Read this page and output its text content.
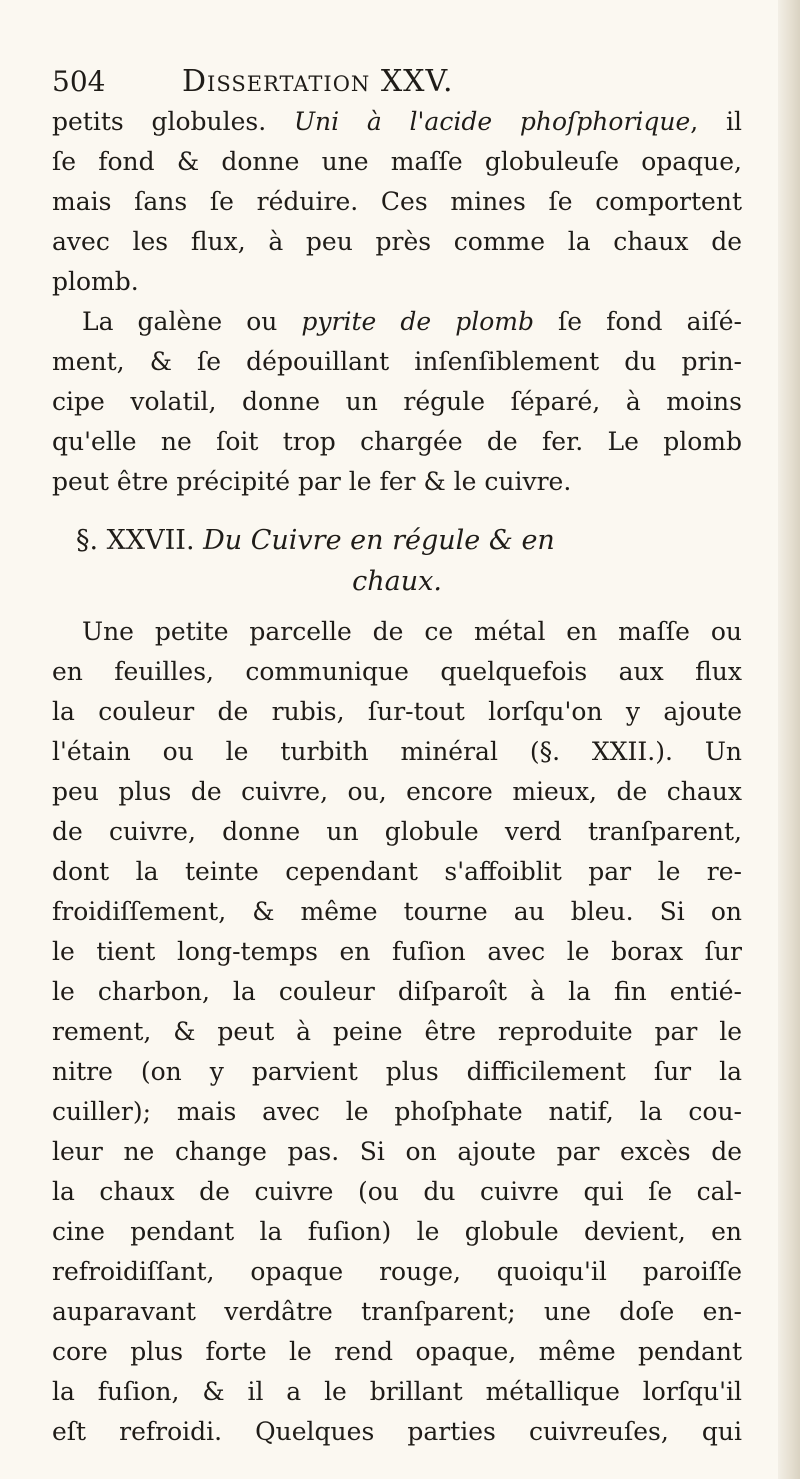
504	Dissertation XXV.
petits globules. Uni à l'acide phoſphorique, il
ſe fond & donne une maſſe globuleuſe opaque,
mais ſans ſe réduire. Ces mines ſe comportent
avec les flux, à peu près comme la chaux de
plomb.
La galène ou pyrite de plomb ſe fond aiſé-
ment, & ſe dépouillant inſenſiblement du prin-
cipe volatil, donne un régule ſéparé, à moins
qu'elle ne ſoit trop chargée de fer. Le plomb
peut être précipité par le fer & le cuivre.
§. XXVII. Du Cuivre en régule & en
chaux.
Une petite parcelle de ce métal en maſſe ou
en feuilles, communique quelquefois aux flux
la couleur de rubis, ſur-tout lorſqu'on y ajoute
l'étain ou le turbith minéral (§. XXII.). Un
peu plus de cuivre, ou, encore mieux, de chaux
de cuivre, donne un globule verd tranſparent,
dont la teinte cependant s'affoiblit par le re-
froidiſſement, & même tourne au bleu. Si on
le tient long-temps en fuſion avec le borax ſur
le charbon, la couleur diſparoît à la fin entié-
rement, & peut à peine être reproduite par le
nitre (on y parvient plus difficilement ſur la
cuiller); mais avec le phoſphate natif, la cou-
leur ne change pas. Si on ajoute par excès de
la chaux de cuivre (ou du cuivre qui ſe cal-
cine pendant la fuſion) le globule devient, en
refroidiſſant, opaque rouge, quoiqu'il paroiſſe
auparavant verdâtre tranſparent; une doſe en-
core plus forte le rend opaque, même pendant
la fuſion, & il a le brillant métallique lorſqu'il
eſt refroidi. Quelques parties cuivreuſes, qui
